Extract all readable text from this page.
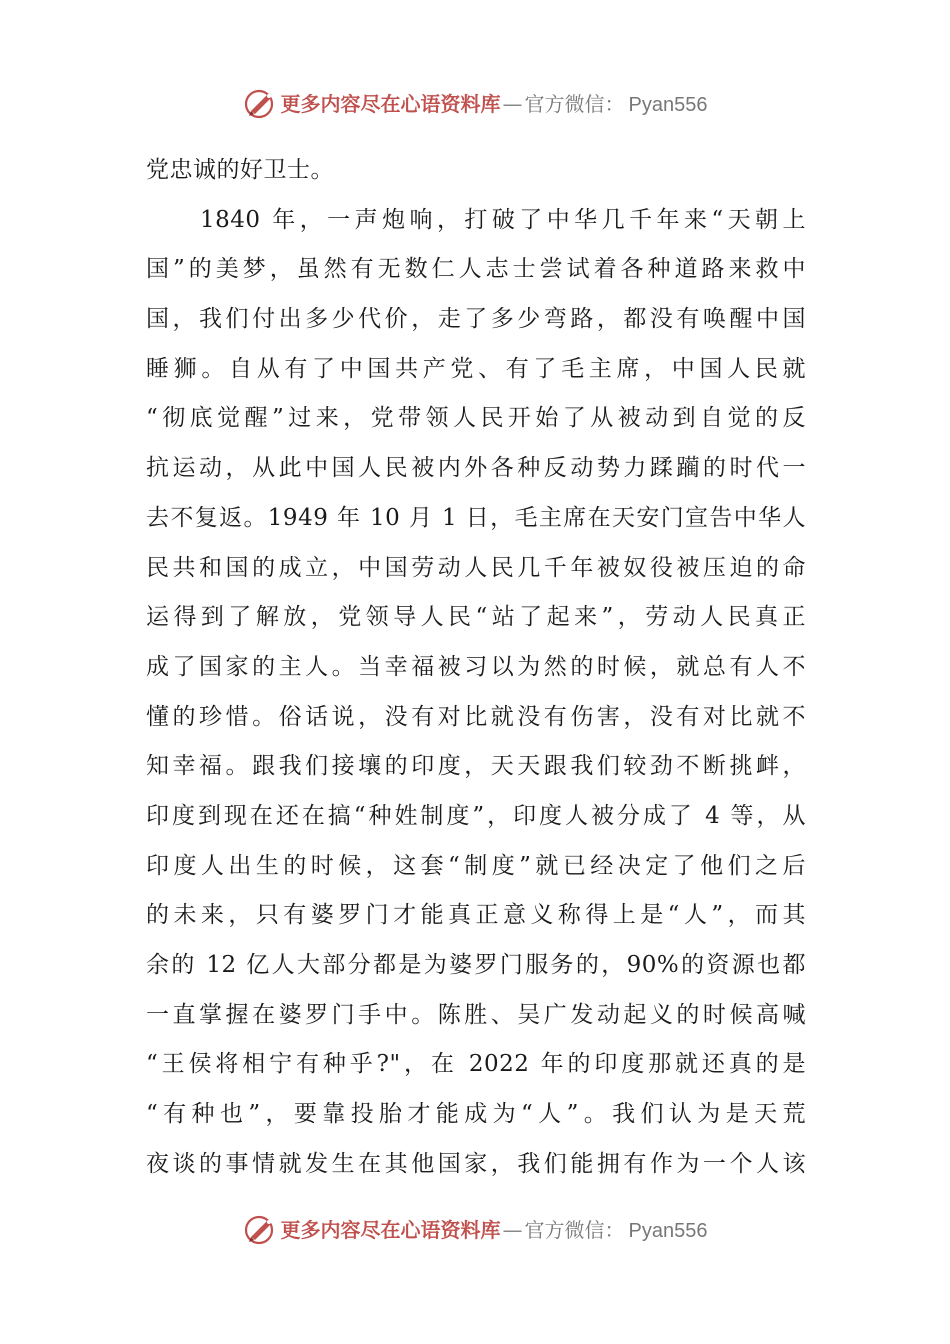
更多内容尽在心语资料库 — 官方微信： Pyan556
党忠诚的好卫士。
1840 年，一声炮响，打破了中华几千年来“天朝上
国”的美梦，虽然有无数仁人志士尝试着各种道路来救中
国，我们付出多少代价，走了多少弯路，都没有唤醒中国
睡狮。自从有了中国共产党、有了毛主席，中国人民就
“彻底觉醒”过来，党带领人民开始了从被动到自觉的反
抗运动，从此中国人民被内外各种反动势力蹂躏的时代一
去不复返。1949 年 10 月 1 日，毛主席在天安门宣告中华人
民共和国的成立，中国劳动人民几千年被奴役被压迫的命
运得到了解放，党领导人民“站了起来”，劳动人民真正
成了国家的主人。当幸福被习以为然的时候，就总有人不
懂的珍惜。俗话说，没有对比就没有伤害，没有对比就不
知幸福。跟我们接壤的印度，天天跟我们较劲不断挑衅，
印度到现在还在搞“种姓制度”，印度人被分成了 4 等，从
印度人出生的时候，这套“制度”就已经决定了他们之后
的未来，只有婆罗门才能真正意义称得上是“人”，而其
余的 12 亿人大部分都是为婆罗门服务的，90%的资源也都
一直掌握在婆罗门手中。陈胜、吴广发动起义的时候高喊
“王侯将相宁有种乎?"，在 2022 年的印度那就还真的是
“有种也”，要靠投胎才能成为“人”。我们认为是天荒
夜谈的事情就发生在其他国家，我们能拥有作为一个人该
更多内容尽在心语资料库 — 官方微信： Pyan556
